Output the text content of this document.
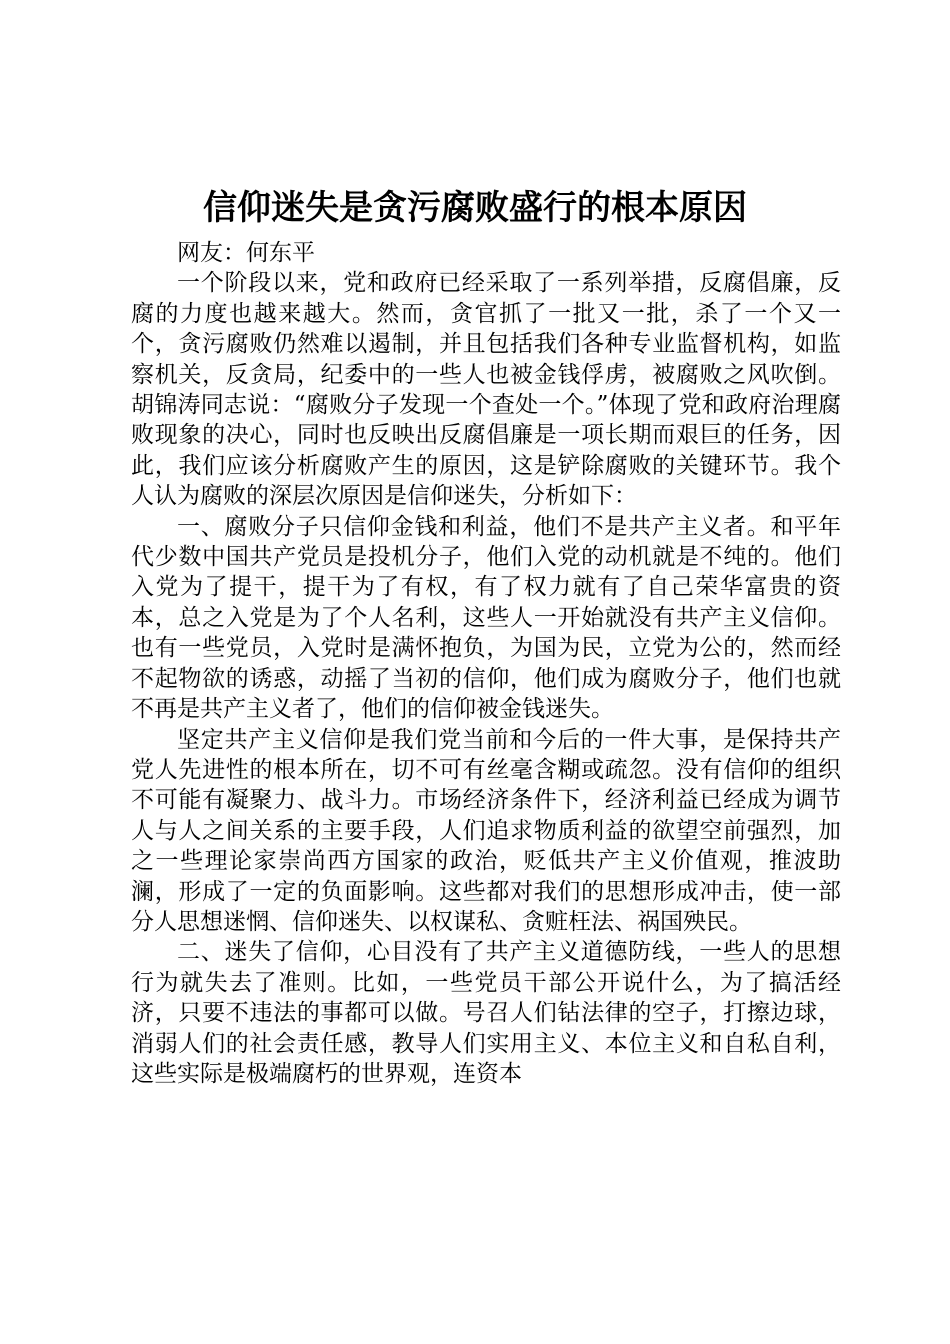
信仰迷失是贪污腐败盛行的根本原因

网友：何东平

一个阶段以来，党和政府已经采取了一系列举措，反腐倡廉，反腐的力度也越来越大。然而，贪官抓了一批又一批，杀了一个又一个，贪污腐败仍然难以遏制，并且包括我们各种专业监督机构，如监察机关，反贪局，纪委中的一些人也被金钱俘虏，被腐败之风吹倒。胡锦涛同志说：“腐败分子发现一个查处一个。”体现了党和政府治理腐败现象的决心，同时也反映出反腐倡廉是一项长期而艰巨的任务，因此，我们应该分析腐败产生的原因，这是铲除腐败的关键环节。我个人认为腐败的深层次原因是信仰迷失，分析如下：

一、腐败分子只信仰金钱和利益，他们不是共产主义者。和平年代少数中国共产党员是投机分子，他们入党的动机就是不纯的。他们入党为了提干，提干为了有权，有了权力就有了自己荣华富贵的资本，总之入党是为了个人名利，这些人一开始就没有共产主义信仰。也有一些党员，入党时是满怀抱负，为国为民，立党为公的，然而经不起物欲的诱惑，动摇了当初的信仰，他们成为腐败分子，他们也就不再是共产主义者了，他们的信仰被金钱迷失。

坚定共产主义信仰是我们党当前和今后的一件大事，是保持共产党人先进性的根本所在，切不可有丝毫含糊或疏忽。没有信仰的组织不可能有凝聚力、战斗力。市场经济条件下，经济利益已经成为调节人与人之间关系的主要手段，人们追求物质利益的欲望空前强烈，加之一些理论家崇尚西方国家的政治，贬低共产主义价值观，推波助澜，形成了一定的负面影响。这些都对我们的思想形成冲击，使一部分人思想迷惘、信仰迷失、以权谋私、贪赃枉法、祸国殃民。

二、迷失了信仰，心目没有了共产主义道德防线，一些人的思想行为就失去了准则。比如，一些党员干部公开说什么，为了搞活经济，只要不违法的事都可以做。号召人们钻法律的空子，打擦边球，消弱人们的社会责任感，教导人们实用主义、本位主义和自私自利，这些实际是极端腐朽的世界观，连资本
